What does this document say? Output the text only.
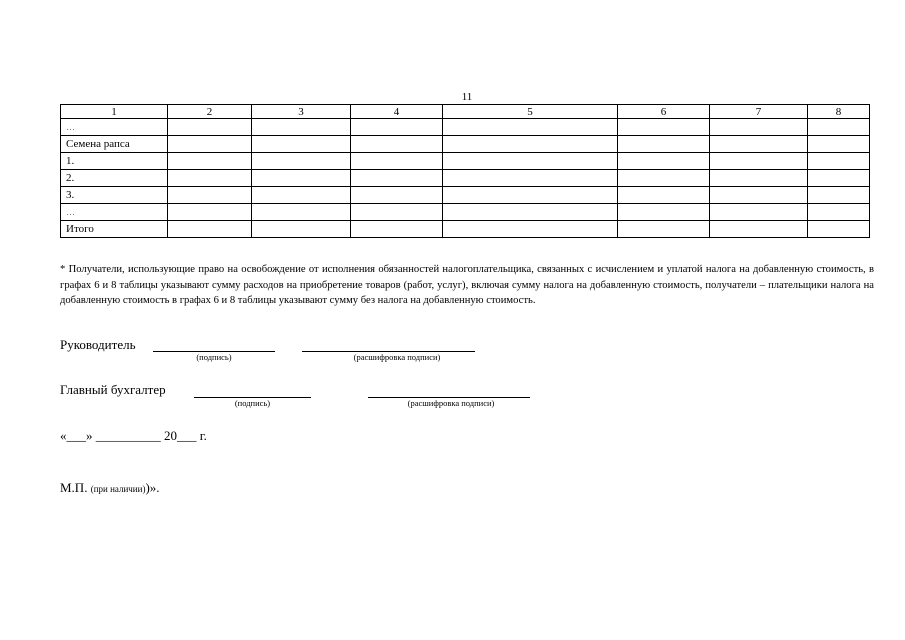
11
1	2	3	4	5	6	7	8
…							
Семена рапса							
1.							
2.							
3.							
…							
Итого							
* Получатели, использующие право на освобождение от исполнения обязанностей налогоплательщика, связанных с исчислением и уплатой налога на добавленную стоимость, в графах 6 и 8 таблицы указывают сумму расходов на приобретение товаров (работ, услуг), включая сумму налога на добавленную стоимость, получатели – плательщики налога на добавленную стоимость в графах 6 и 8 таблицы указывают сумму без налога на добавленную стоимость.
Руководитель
(подпись)	(расшифровка подписи)
Главный бухгалтер
(подпись)	(расшифровка подписи)
«___» __________ 20___ г.
М.П. (при наличии))».
